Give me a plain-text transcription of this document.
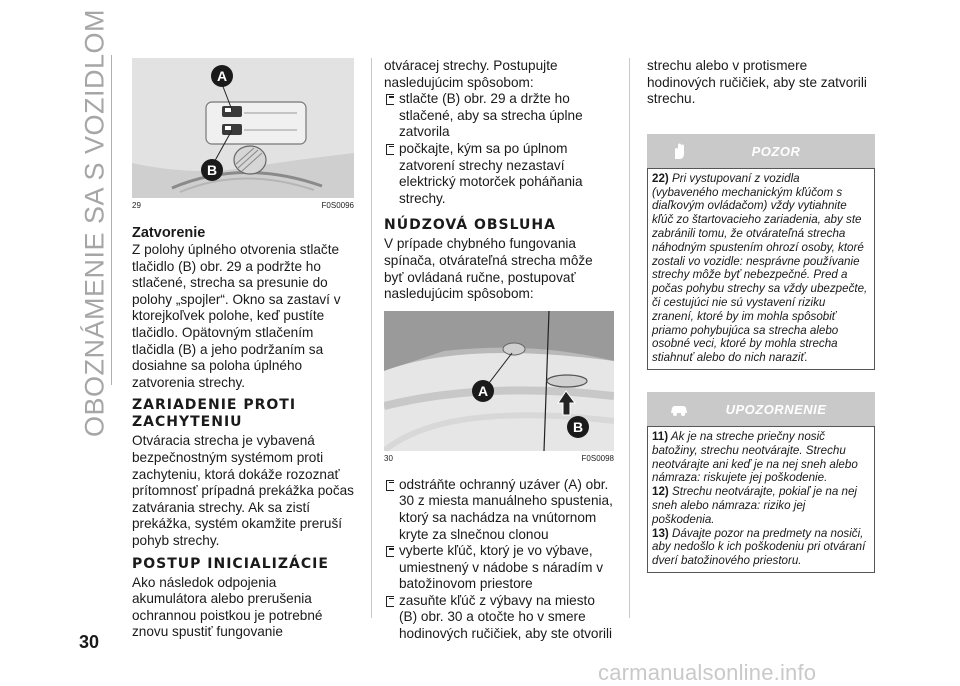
OBOZNÁMENIE SA S VOZIDLOM	A
B
29	F0S0096
Zatvorenie

Z polohy úplného otvorenia stlačte tlačidlo (B) obr. 29 a podržte ho stlačené, strecha sa presunie do polohy „spojler“. Okno sa zastaví v ktorejkoľvek polohe, keď pustíte tlačidlo. Opätovným stlačením tlačidla (B) a jeho podržaním sa dosiahne sa poloha úplného zatvorenia strechy.

ZARIADENIE PROTI ZACHYTENIU

Otváracia strecha je vybavená bezpečnostným systémom proti zachyteniu, ktorá dokáže rozoznať prítomnosť prípadná prekážka počas zatvárania strechy. Ak sa zistí prekážka, systém okamžite preruší pohyb strechy.

POSTUP INICIALIZÁCIE

Ako následok odpojenia akumulátora alebo prerušenia ochrannou poistkou je potrebné znovu spustiť fungovanie

otváracej strechy. Postupujte nasledujúcim spôsobom:

stlačte (B) obr. 29 a držte ho stlačené, aby sa strecha úplne zatvorila

počkajte, kým sa po úplnom zatvorení strechy nezastaví elektrický motorček poháňania strechy.

NÚDZOVÁ OBSLUHA

V prípade chybného fungovania spínača, otvárateľná strecha môže byť ovládaná ručne, postupovať nasledujúcim spôsobom:

A
B
30	F0S0098

odstráňte ochranný uzáver (A) obr. 30 z miesta manuálneho spustenia, ktorý sa nachádza na vnútornom kryte za slnečnou clonou

vyberte kľúč, ktorý je vo výbave, umiestnený v nádobe s náradím v batožinovom priestore

zasuňte kľúč z výbavy na miesto (B) obr. 30 a otočte ho v smere hodinových ručičiek, aby ste otvorili

strechu alebo v protismere hodinových ručičiek, aby ste zatvorili strechu.

POZOR

22) Pri vystupovaní z vozidla (vybaveného mechanickým kľúčom s diaľkovým ovládačom) vždy vytiahnite kľúč zo štartovacieho zariadenia, aby ste zabránili tomu, že otvárateľná strecha náhodným spustením ohrozí osoby, ktoré zostali vo vozidle: nesprávne používanie strechy môže byť nebezpečné. Pred a počas pohybu strechy sa vždy ubezpečte, či cestujúci nie sú vystavení riziku zranení, ktoré by im mohla spôsobiť priamo pohybujúca sa strecha alebo osobné veci, ktoré by mohla strecha stiahnuť alebo do nich naraziť.

UPOZORNENIE

11) Ak je na streche priečny nosič batožiny, strechu neotvárajte. Strechu neotvárajte ani keď je na nej sneh alebo námraza: riskujete jej poškodenie.

12) Strechu neotvárajte, pokiaľ je na nej sneh alebo námraza: riziko jej poškodenia.

13) Dávajte pozor na predmety na nosiči, aby nedošlo k ich poškodeniu pri otváraní dverí batožinového priestoru.

30
carmanualsonline.info
